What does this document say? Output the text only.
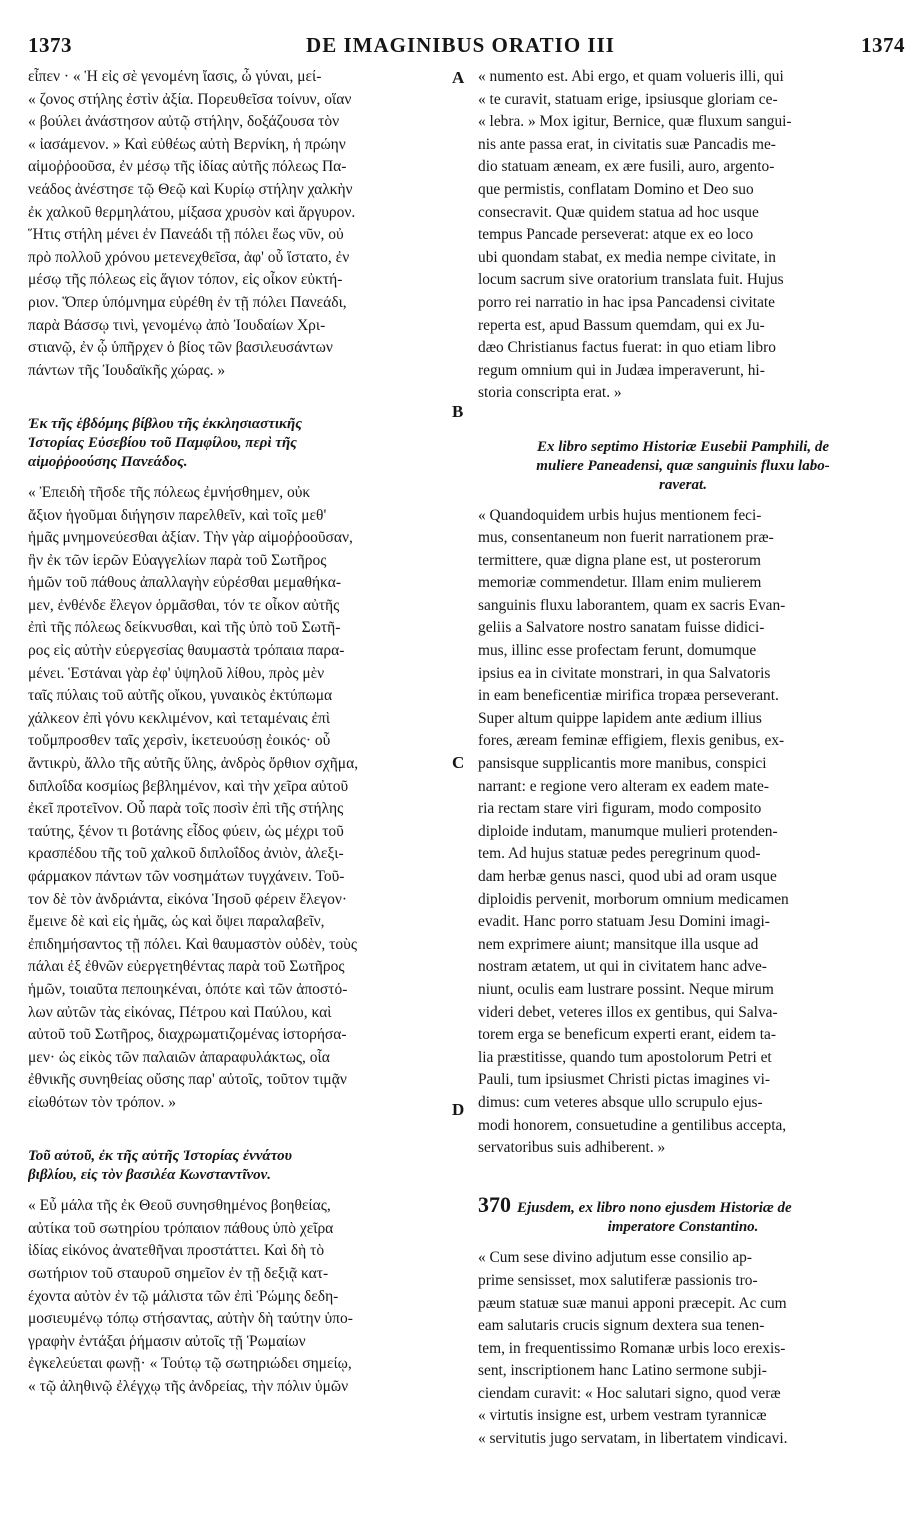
1373	DE IMAGINIBUS ORATIO III	1374
A
B
C
D
εἶπεν · « Ἡ εἰς σὲ γενομένη ἴασις, ὦ γύναι, μεί-
« ζονος στήλης ἐστὶν ἀξία. Πορευθεῖσα τοίνυν, οἵαν
« βούλει ἀνάστησον αὐτῷ στήλην, δοξάζουσα τὸν
« ἰασάμενον. » Καὶ εὐθέως αὐτὴ Βερνίκη, ἡ πρώην
αἱμοῤῥοοῦσα, ἐν μέσῳ τῆς ἰδίας αὐτῆς πόλεως Πα-
νεάδος ἀνέστησε τῷ Θεῷ καὶ Κυρίῳ στήλην χαλκὴν
ἐκ χαλκοῦ θερμηλάτου, μίξασα χρυσὸν καὶ ἄργυρον.
Ἥτις στήλη μένει ἐν Πανεάδι τῇ πόλει ἕως νῦν, οὐ
πρὸ πολλοῦ χρόνου μετενεχθεῖσα, ἀφ' οὗ ἵστατο, ἐν
μέσῳ τῆς πόλεως εἰς ἅγιον τόπον, εἰς οἶκον εὐκτή-
ριον. Ὅπερ ὑπόμνημα εὑρέθη ἐν τῇ πόλει Πανεάδι,
παρὰ Βάσσῳ τινὶ, γενομένῳ ἀπὸ Ἰουδαίων Χρι-
στιανῷ, ἐν ᾧ ὑπῆρχεν ὁ βίος τῶν βασιλευσάντων
πάντων τῆς Ἰουδαϊκῆς χώρας. »
Ἐκ τῆς ἑβδόμης βίβλου τῆς ἐκκλησιαστικῆς
Ἱστορίας Εὐσεβίου τοῦ Παμφίλου, περὶ τῆς
αἱμοῤῥοούσης Πανεάδος.
« Ἐπειδὴ τῆσδε τῆς πόλεως ἐμνήσθημεν, οὐκ
ἄξιον ἡγοῦμαι διήγησιν παρελθεῖν, καὶ τοῖς μεθ'
ἡμᾶς μνημονεύεσθαι ἀξίαν. Τὴν γὰρ αἱμοῤῥοοῦσαν,
ἣν ἐκ τῶν ἱερῶν Εὐαγγελίων παρὰ τοῦ Σωτῆρος
ἡμῶν τοῦ πάθους ἀπαλλαγὴν εὑρέσθαι μεμαθήκα-
μεν, ἐνθένδε ἔλεγον ὁρμᾶσθαι, τόν τε οἶκον αὐτῆς
ἐπὶ τῆς πόλεως δείκνυσθαι, καὶ τῆς ὑπὸ τοῦ Σωτῆ-
ρος εἰς αὐτὴν εὐεργεσίας θαυμαστὰ τρόπαια παρα-
μένει. Ἑστάναι γὰρ ἐφ' ὑψηλοῦ λίθου, πρὸς μὲν
ταῖς πύλαις τοῦ αὐτῆς οἴκου, γυναικὸς ἐκτύπωμα
χάλκεον ἐπὶ γόνυ κεκλιμένον, καὶ τεταμέναις ἐπὶ
τοὔμπροσθεν ταῖς χερσὶν, ἱκετευούσῃ ἐοικός· οὗ
ἄντικρὺ, ἄλλο τῆς αὐτῆς ὕλης, ἀνδρὸς ὄρθιον σχῆμα,
διπλοΐδα κοσμίως βεβλημένον, καὶ τὴν χεῖρα αὐτοῦ
ἐκεῖ προτεῖνον. Οὗ παρὰ τοῖς ποσὶν ἐπὶ τῆς στήλης
ταύτης, ξένον τι βοτάνης εἶδος φύειν, ὡς μέχρι τοῦ
κρασπέδου τῆς τοῦ χαλκοῦ διπλοΐδος ἀνιὸν, ἀλεξι-
φάρμακον πάντων τῶν νοσημάτων τυγχάνειν. Τοῦ-
τον δὲ τὸν ἀνδριάντα, εἰκόνα Ἰησοῦ φέρειν ἔλεγον·
ἔμεινε δὲ καὶ εἰς ἡμᾶς, ὡς καὶ ὄψει παραλαβεῖν,
ἐπιδημήσαντος τῇ πόλει. Καὶ θαυμαστὸν οὐδὲν, τοὺς
πάλαι ἐξ ἐθνῶν εὐεργετηθέντας παρὰ τοῦ Σωτῆρος
ἡμῶν, τοιαῦτα πεποιηκέναι, ὁπότε καὶ τῶν ἀποστό-
λων αὐτῶν τὰς εἰκόνας, Πέτρου καὶ Παύλου, καὶ
αὐτοῦ τοῦ Σωτῆρος, διαχρωματιζομένας ἱστορήσα-
μεν· ὡς εἰκὸς τῶν παλαιῶν ἀπαραφυλάκτως, οἷα
ἐθνικῆς συνηθείας οὔσης παρ' αὐτοῖς, τοῦτον τιμᾷν
εἰωθότων τὸν τρόπον. »
Τοῦ αὐτοῦ, ἐκ τῆς αὐτῆς Ἱστορίας ἐννάτου
βιβλίου, εἰς τὸν βασιλέα Κωνσταντῖνον.
« Εὖ μάλα τῆς ἐκ Θεοῦ συνησθημένος βοηθείας,
αὐτίκα τοῦ σωτηρίου τρόπαιον πάθους ὑπὸ χεῖρα
ἰδίας εἰκόνος ἀνατεθῆναι προστάττει. Καὶ δὴ τὸ
σωτήριον τοῦ σταυροῦ σημεῖον ἐν τῇ δεξιᾷ κατ-
έχοντα αὐτὸν ἐν τῷ μάλιστα τῶν ἐπὶ Ῥώμης δεδη-
μοσιευμένῳ τόπῳ στήσαντας, αὐτὴν δὴ ταύτην ὑπο-
γραφὴν ἐντάξαι ῥήμασιν αὐτοῖς τῇ Ῥωμαίων
ἐγκελεύεται φωνῇ· « Τούτῳ τῷ σωτηριώδει σημείῳ,
« τῷ ἀληθινῷ ἐλέγχῳ τῆς ἀνδρείας, τὴν πόλιν ὑμῶν
« numento est. Abi ergo, et quam volueris illi, qui
« te curavit, statuam erige, ipsiusque gloriam ce-
« lebra. » Mox igitur, Bernice, quæ fluxum sangui-
nis ante passa erat, in civitatis suæ Pancadis me-
dio statuam æneam, ex ære fusili, auro, argento-
que permistis, conflatam Domino et Deo suo
consecravit. Quæ quidem statua ad hoc usque
tempus Pancade perseverat: atque ex eo loco
ubi quondam stabat, ex media nempe civitate, in
locum sacrum sive oratorium translata fuit. Hujus
porro rei narratio in hac ipsa Pancadensi civitate
reperta est, apud Bassum quemdam, qui ex Ju-
dæo Christianus factus fuerat: in quo etiam libro
regum omnium qui in Judæa imperaverunt, hi-
storia conscripta erat. »
Ex libro septimo Historiæ Eusebii Pamphili, de
muliere Paneadensi, quæ sanguinis fluxu labo-
raverat.
« Quandoquidem urbis hujus mentionem feci-
mus, consentaneum non fuerit narrationem præ-
termittere, quæ digna plane est, ut posterorum
memoriæ commendetur. Illam enim mulierem
sanguinis fluxu laborantem, quam ex sacris Evan-
geliis a Salvatore nostro sanatam fuisse didici-
mus, illinc esse profectam ferunt, domumque
ipsius ea in civitate monstrari, in qua Salvatoris
in eam beneficentiæ mirifica tropæa perseverant.
Super altum quippe lapidem ante ædium illius
fores, æream feminæ effigiem, flexis genibus, ex-
pansisque supplicantis more manibus, conspici
narrant: e regione vero alteram ex eadem mate-
ria rectam stare viri figuram, modo composito
diploide indutam, manumque mulieri protenden-
tem. Ad hujus statuæ pedes peregrinum quod-
dam herbæ genus nasci, quod ubi ad oram usque
diploidis pervenit, morborum omnium medicamen
evadit. Hanc porro statuam Jesu Domini imagi-
nem exprimere aiunt; mansitque illa usque ad
nostram ætatem, ut qui in civitatem hanc adve-
niunt, oculis eam lustrare possint. Neque mirum
videri debet, veteres illos ex gentibus, qui Salva-
torem erga se beneficum experti erant, eidem ta-
lia præstitisse, quando tum apostolorum Petri et
Pauli, tum ipsiusmet Christi pictas imagines vi-
dimus: cum veteres absque ullo scrupulo ejus-
modi honorem, consuetudine a gentilibus accepta,
servatoribus suis adhiberent. »
370 Ejusdem, ex libro nono ejusdem Historiæ de
imperatore Constantino.
« Cum sese divino adjutum esse consilio ap-
prime sensisset, mox salutiferæ passionis tro-
pæum statuæ suæ manui apponi præcepit. Ac cum
eam salutaris crucis signum dextera sua tenen-
tem, in frequentissimo Romanæ urbis loco erexis-
sent, inscriptionem hanc Latino sermone subji-
ciendam curavit: « Hoc salutari signo, quod veræ
« virtutis insigne est, urbem vestram tyrannicæ
« servitutis jugo servatam, in libertatem vindicavi.
